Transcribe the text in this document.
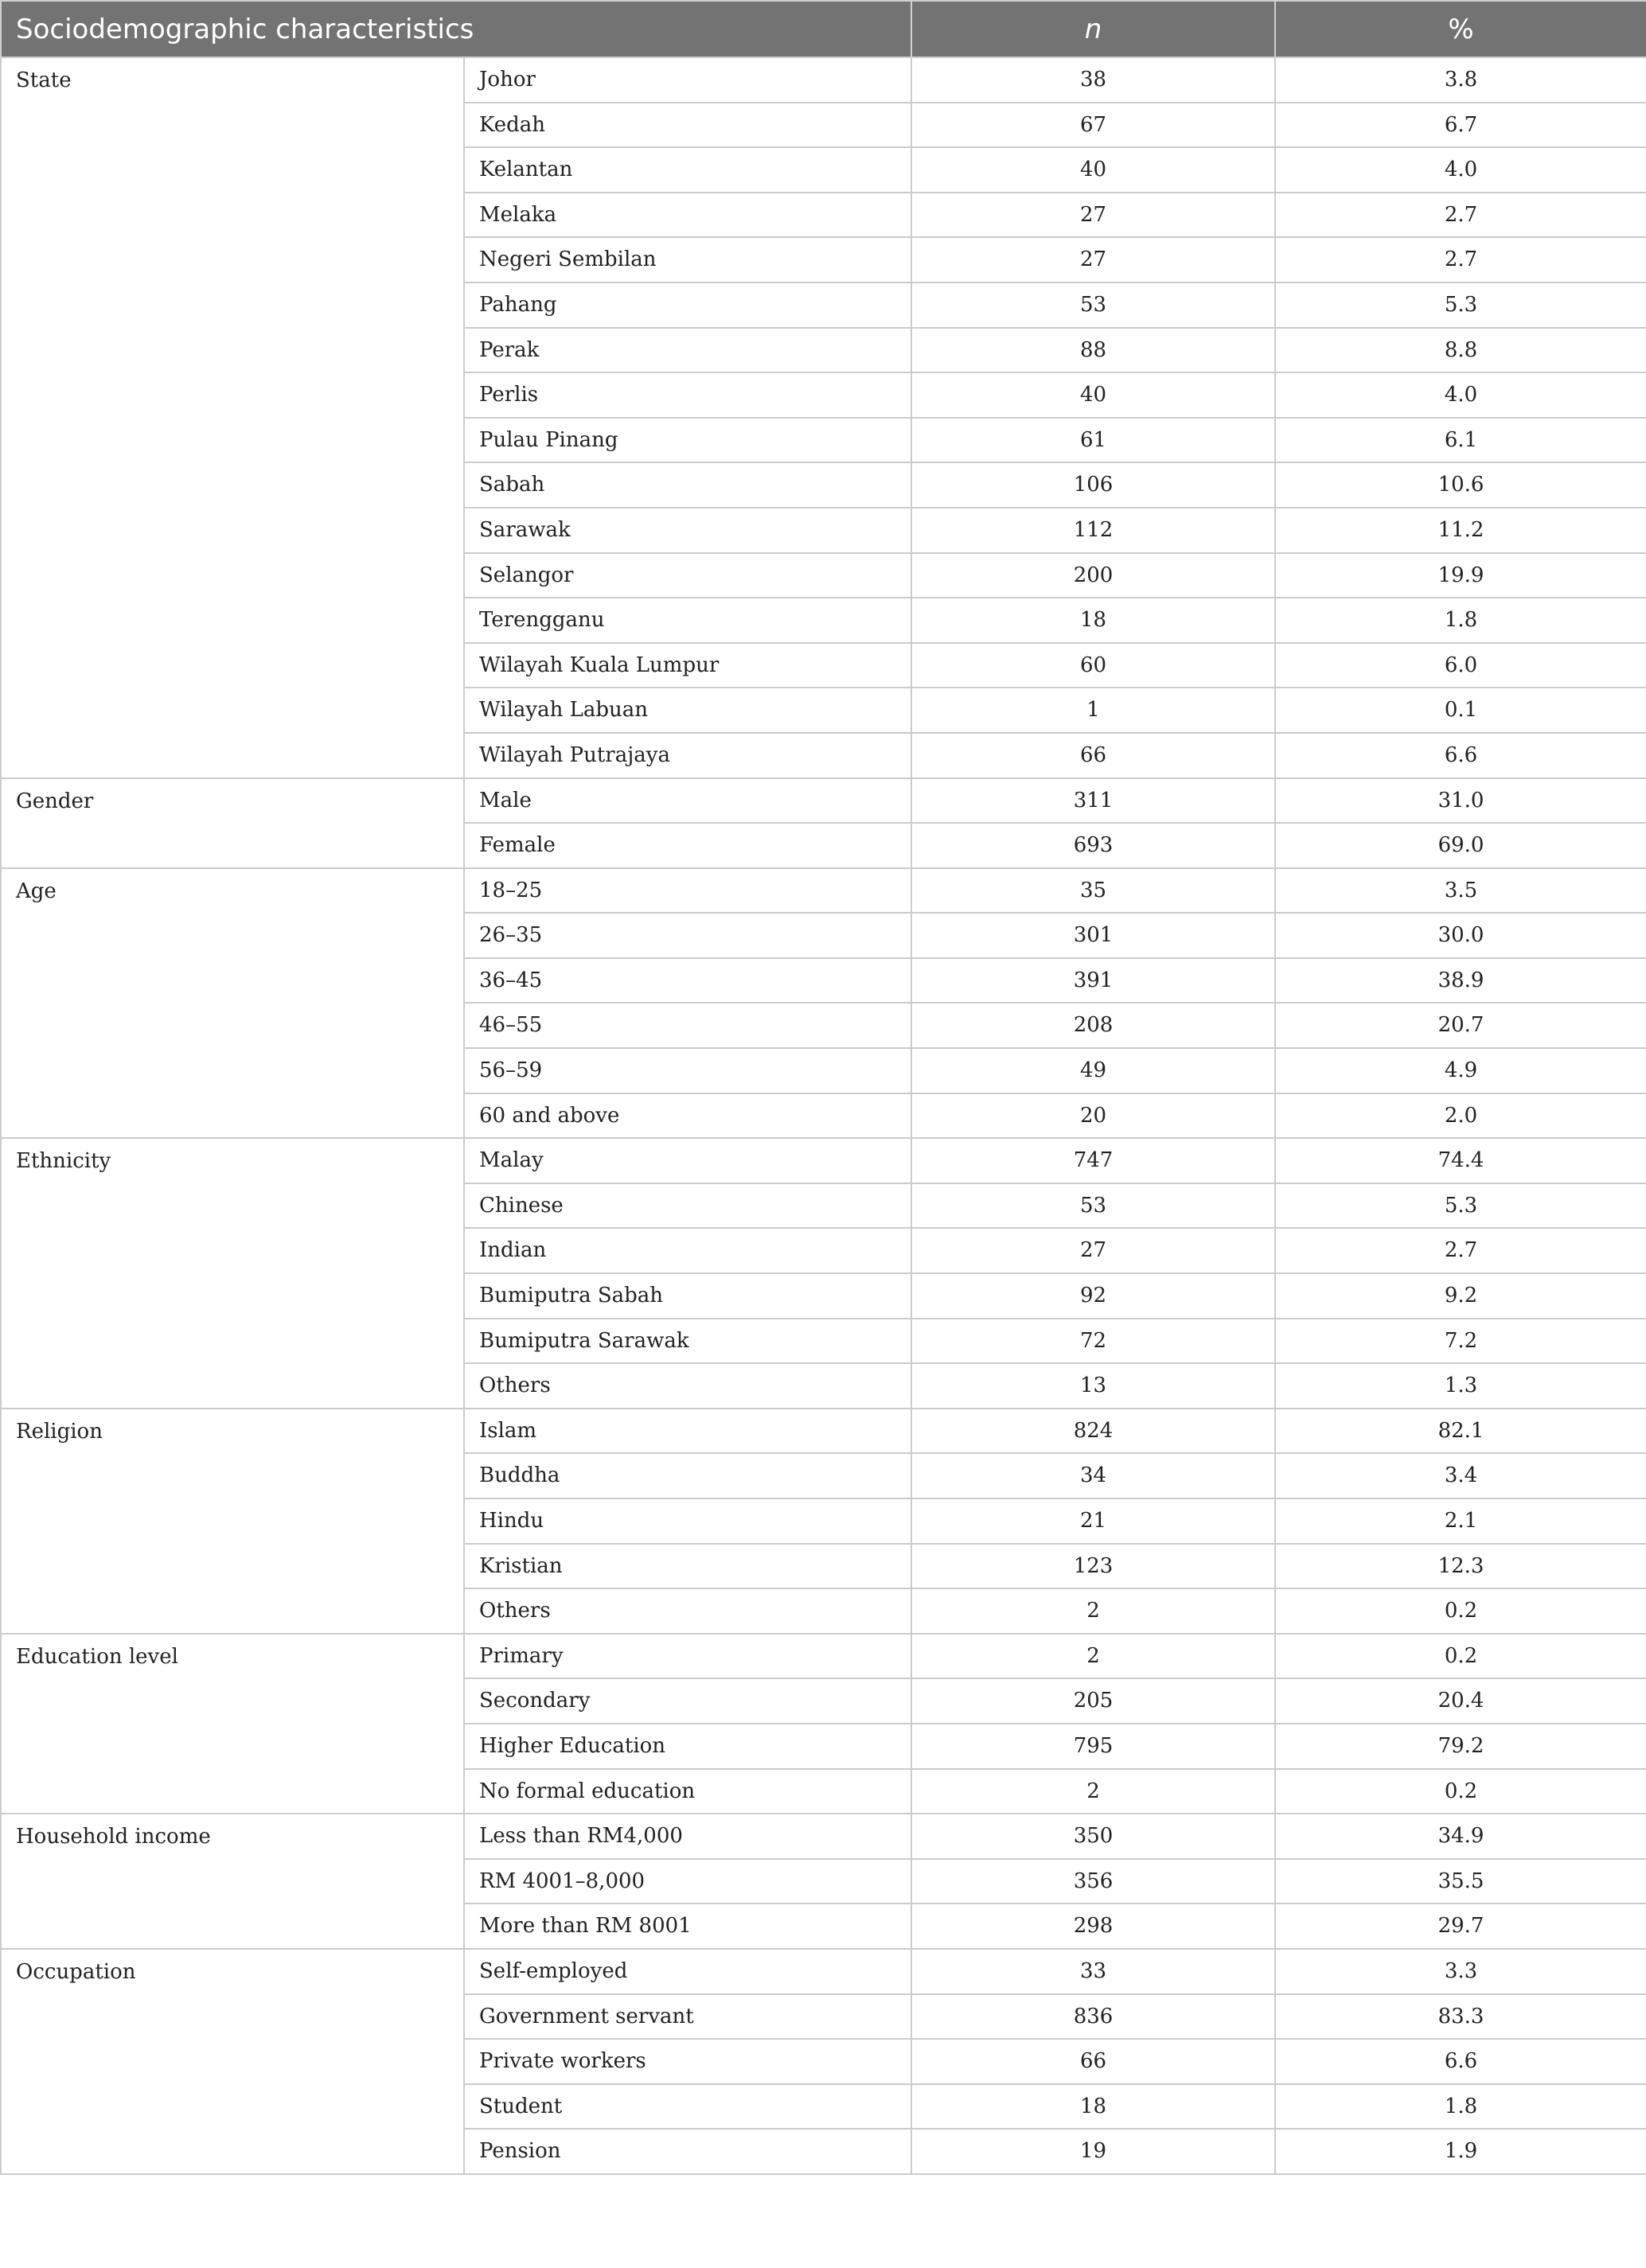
Sociodemographic characteristics		n	%
State	Johor	38	3.8
	Kedah	67	6.7
	Kelantan	40	4.0
	Melaka	27	2.7
	Negeri Sembilan	27	2.7
	Pahang	53	5.3
	Perak	88	8.8
	Perlis	40	4.0
	Pulau Pinang	61	6.1
	Sabah	106	10.6
	Sarawak	112	11.2
	Selangor	200	19.9
	Terengganu	18	1.8
	Wilayah Kuala Lumpur	60	6.0
	Wilayah Labuan	1	0.1
	Wilayah Putrajaya	66	6.6
Gender	Male	311	31.0
	Female	693	69.0
Age	18–25	35	3.5
	26–35	301	30.0
	36–45	391	38.9
	46–55	208	20.7
	56–59	49	4.9
	60 and above	20	2.0
Ethnicity	Malay	747	74.4
	Chinese	53	5.3
	Indian	27	2.7
	Bumiputra Sabah	92	9.2
	Bumiputra Sarawak	72	7.2
	Others	13	1.3
Religion	Islam	824	82.1
	Buddha	34	3.4
	Hindu	21	2.1
	Kristian	123	12.3
	Others	2	0.2
Education level	Primary	2	0.2
	Secondary	205	20.4
	Higher Education	795	79.2
	No formal education	2	0.2
Household income	Less than RM4,000	350	34.9
	RM 4001–8,000	356	35.5
	More than RM 8001	298	29.7
Occupation	Self-employed	33	3.3
	Government servant	836	83.3
	Private workers	66	6.6
	Student	18	1.8
	Pension	19	1.9
